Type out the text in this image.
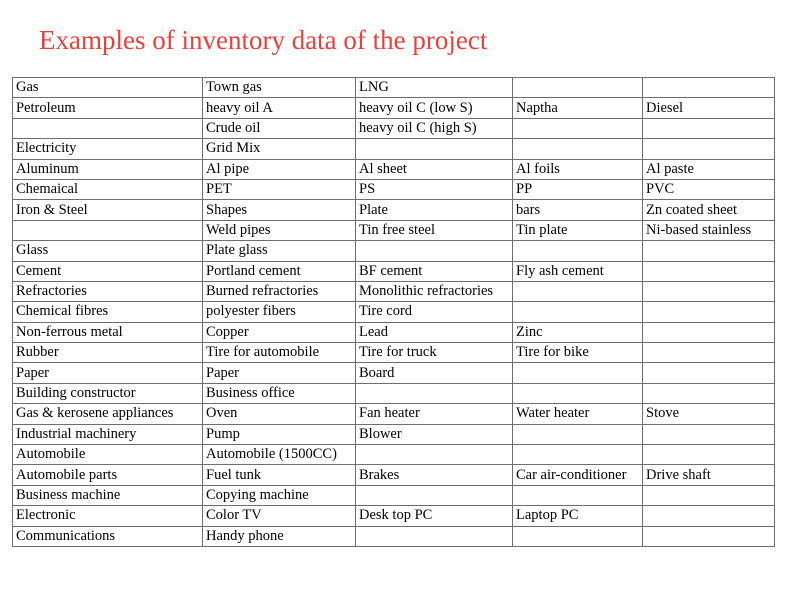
Examples of inventory data of the project
Gas	Town gas	LNG		
Petroleum	heavy oil A	heavy oil C (low S)	Naptha	Diesel
	Crude oil	heavy oil C (high S)		
Electricity	Grid Mix			
Aluminum	Al pipe	Al sheet	Al foils	Al paste
Chemaical	PET	PS	PP	PVC
Iron & Steel	Shapes	Plate	bars	Zn coated sheet
	Weld pipes	Tin free steel	Tin plate	Ni-based stainless
Glass	Plate glass			
Cement	Portland cement	BF cement	Fly ash cement	
Refractories	Burned refractories	Monolithic refractories		
Chemical fibres	polyester fibers	Tire cord		
Non-ferrous metal	Copper	Lead	Zinc	
Rubber	Tire for automobile	Tire for truck	Tire for bike	
Paper	Paper	Board		
Building constructor	Business office			
Gas & kerosene appliances	Oven	Fan heater	Water heater	Stove
Industrial machinery	Pump	Blower		
Automobile	Automobile (1500CC)			
Automobile parts	Fuel tunk	Brakes	Car air-conditioner	Drive shaft
Business machine	Copying machine			
Electronic	Color TV	Desk top PC	Laptop PC	
Communications	Handy phone			
